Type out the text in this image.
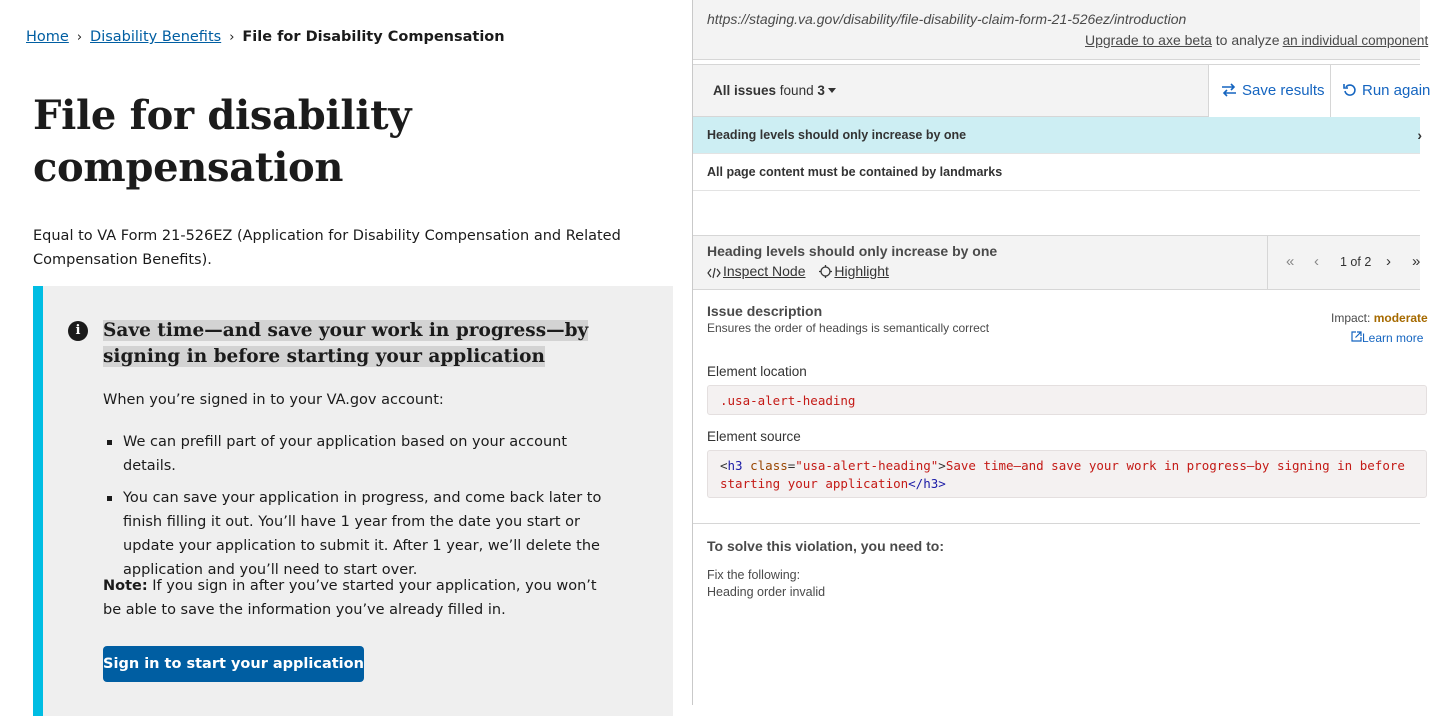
Home › Disability Benefits › File for Disability Compensation
File for disability compensation

Equal to VA Form 21-526EZ (Application for Disability Compensation and Related Compensation Benefits).

i	Save time—and save your work in progress—by signing in before starting your application

When you’re signed in to your VA.gov account:

We can prefill part of your application based on your account details.
You can save your application in progress, and come back later to finish filling it out. You’ll have 1 year from the date you start or update your application to submit it. After 1 year, we’ll delete the application and you’ll need to start over.

Note: If you sign in after you’ve started your application, you won’t be able to save the information you’ve already filled in.

Sign in to start your application
https://staging.va.gov/disability/file-disability-claim-form-21-526ez/introduction
Upgrade to axe beta to analyze an individual component
All issues found 3	Save results	Run again
Heading levels should only increase by one	›
All page content must be contained by landmarks
Heading levels should only increase by one
Inspect Node Highlight
« ‹ 1 of 2 › »
Issue description
Ensures the order of headings is semantically correct
Impact: moderate
Learn more
Element location
.usa-alert-heading
Element source
<h3 class="usa-alert-heading">Save time—and save your work in progress—by signing in before
starting your application</h3>
To solve this violation, you need to:
Fix the following:
Heading order invalid
